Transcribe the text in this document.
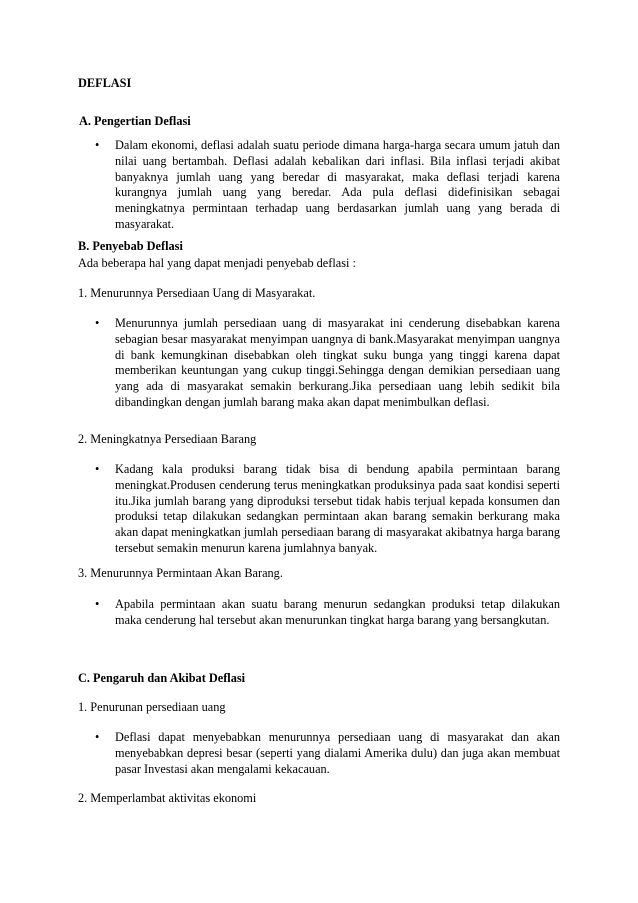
DEFLASI

A. Pengertian Deflasi

• Dalam ekonomi, deflasi adalah suatu periode dimana harga-harga secara umum jatuh dan nilai uang bertambah. Deflasi adalah kebalikan dari inflasi. Bila inflasi terjadi akibat banyaknya jumlah uang yang beredar di masyarakat, maka deflasi terjadi karena kurangnya jumlah uang yang beredar. Ada pula deflasi didefinisikan sebagai meningkatnya permintaan terhadap uang berdasarkan jumlah uang yang berada di masyarakat.

B. Penyebab Deflasi

Ada beberapa hal yang dapat menjadi penyebab deflasi :

1. Menurunnya Persediaan Uang di Masyarakat.

• Menurunnya jumlah persediaan uang di masyarakat ini cenderung disebabkan karena sebagian besar masyarakat menyimpan uangnya di bank.Masyarakat menyimpan uangnya di bank kemungkinan disebabkan oleh tingkat suku bunga yang tinggi karena dapat memberikan keuntungan yang cukup tinggi.Sehingga dengan demikian persediaan uang yang ada di masyarakat semakin berkurang.Jika persediaan uang lebih sedikit bila dibandingkan dengan jumlah barang maka akan dapat menimbulkan deflasi.

2. Meningkatnya Persediaan Barang

• Kadang kala produksi barang tidak bisa di bendung apabila permintaan barang meningkat.Produsen cenderung terus meningkatkan produksinya pada saat kondisi seperti itu.Jika jumlah barang yang diproduksi tersebut tidak habis terjual kepada konsumen dan produksi tetap dilakukan sedangkan permintaan akan barang semakin berkurang maka akan dapat meningkatkan jumlah persediaan barang di masyarakat akibatnya harga barang tersebut semakin menurun karena jumlahnya banyak.

3. Menurunnya Permintaan Akan Barang.

• Apabila permintaan akan suatu barang menurun sedangkan produksi tetap dilakukan maka cenderung hal tersebut akan menurunkan tingkat harga barang yang bersangkutan.

C. Pengaruh dan Akibat Deflasi

1. Penurunan persediaan uang

• Deflasi dapat menyebabkan menurunnya persediaan uang di masyarakat dan akan menyebabkan depresi besar (seperti yang dialami Amerika dulu) dan juga akan membuat pasar Investasi akan mengalami kekacauan.

2. Memperlambat aktivitas ekonomi
